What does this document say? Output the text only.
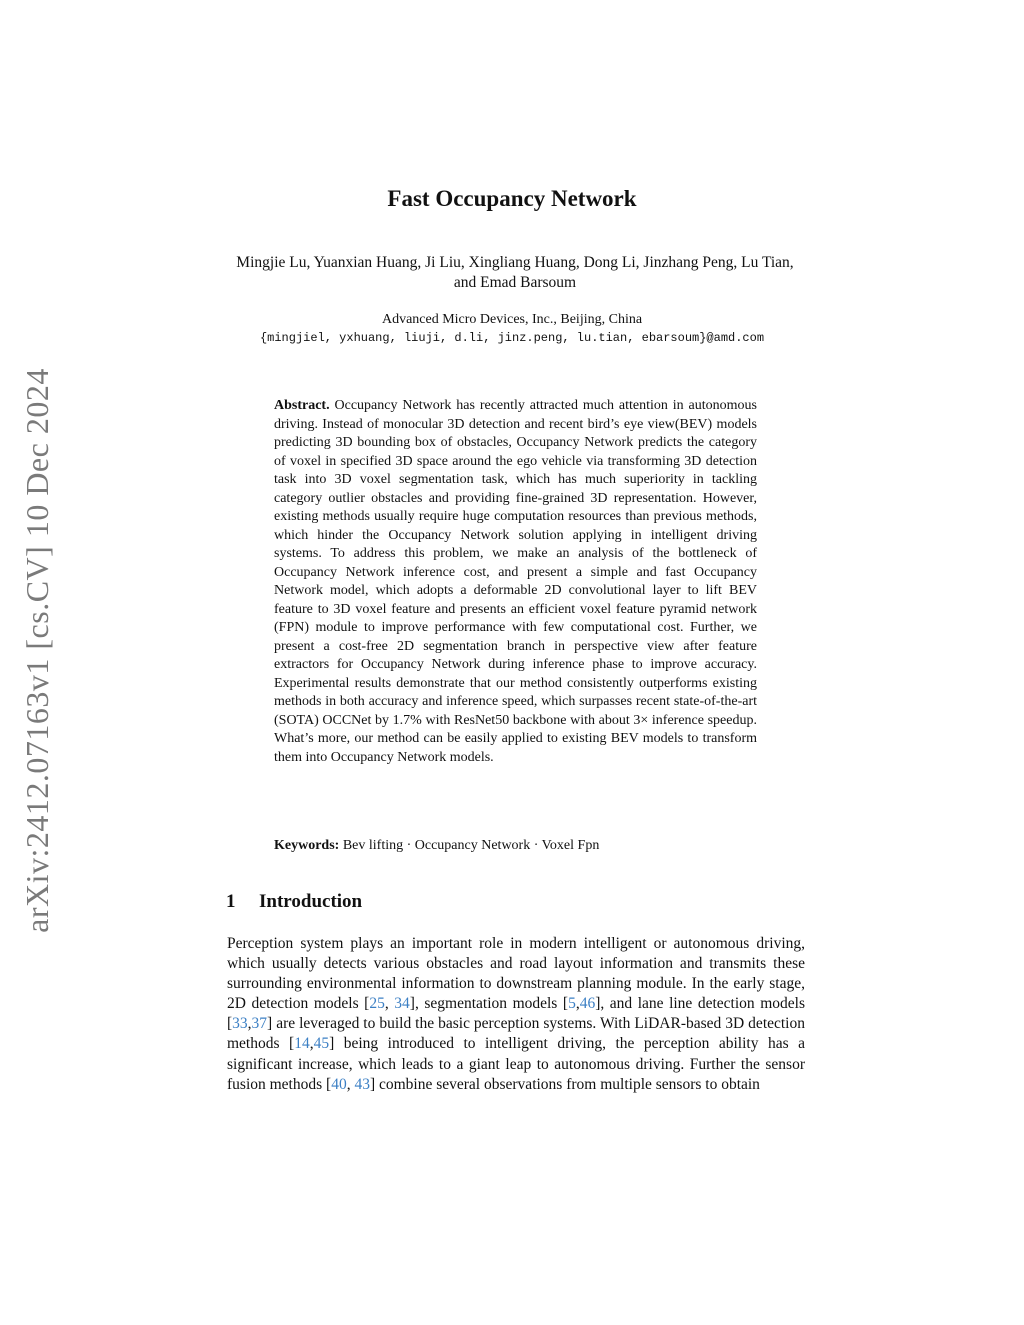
arXiv:2412.07163v1 [cs.CV] 10 Dec 2024
Fast Occupancy Network
Mingjie Lu, Yuanxian Huang, Ji Liu, Xingliang Huang, Dong Li, Jinzhang Peng, Lu Tian, and Emad Barsoum
Advanced Micro Devices, Inc., Beijing, China
{mingjiel, yxhuang, liuji, d.li, jinz.peng, lu.tian, ebarsoum}@amd.com
Abstract. Occupancy Network has recently attracted much attention in autonomous driving. Instead of monocular 3D detection and recent bird’s eye view(BEV) models predicting 3D bounding box of obstacles, Occupancy Network predicts the category of voxel in specified 3D space around the ego vehicle via transforming 3D detection task into 3D voxel segmentation task, which has much superiority in tackling category outlier obstacles and providing fine-grained 3D representation. However, existing methods usually require huge computation resources than previous methods, which hinder the Occupancy Network solution applying in intelligent driving systems. To address this problem, we make an analysis of the bottleneck of Occupancy Network inference cost, and present a simple and fast Occupancy Network model, which adopts a deformable 2D convolutional layer to lift BEV feature to 3D voxel feature and presents an efficient voxel feature pyramid network (FPN) module to improve performance with few computational cost. Further, we present a cost-free 2D segmentation branch in perspective view after feature extractors for Occupancy Network during inference phase to improve accuracy. Experimental results demonstrate that our method consistently outperforms existing methods in both accuracy and inference speed, which surpasses recent state-of-the-art (SOTA) OCCNet by 1.7% with ResNet50 backbone with about 3× inference speedup. What’s more, our method can be easily applied to existing BEV models to transform them into Occupancy Network models.
Keywords: Bev lifting · Occupancy Network · Voxel Fpn
1 Introduction
Perception system plays an important role in modern intelligent or autonomous driving, which usually detects various obstacles and road layout information and transmits these surrounding environmental information to downstream planning module. In the early stage, 2D detection models [25, 34], segmentation models [5,46], and lane line detection models [33,37] are leveraged to build the basic perception systems. With LiDAR-based 3D detection methods [14,45] being introduced to intelligent driving, the perception ability has a significant increase, which leads to a giant leap to autonomous driving. Further the sensor fusion methods [40, 43] combine several observations from multiple sensors to obtain
